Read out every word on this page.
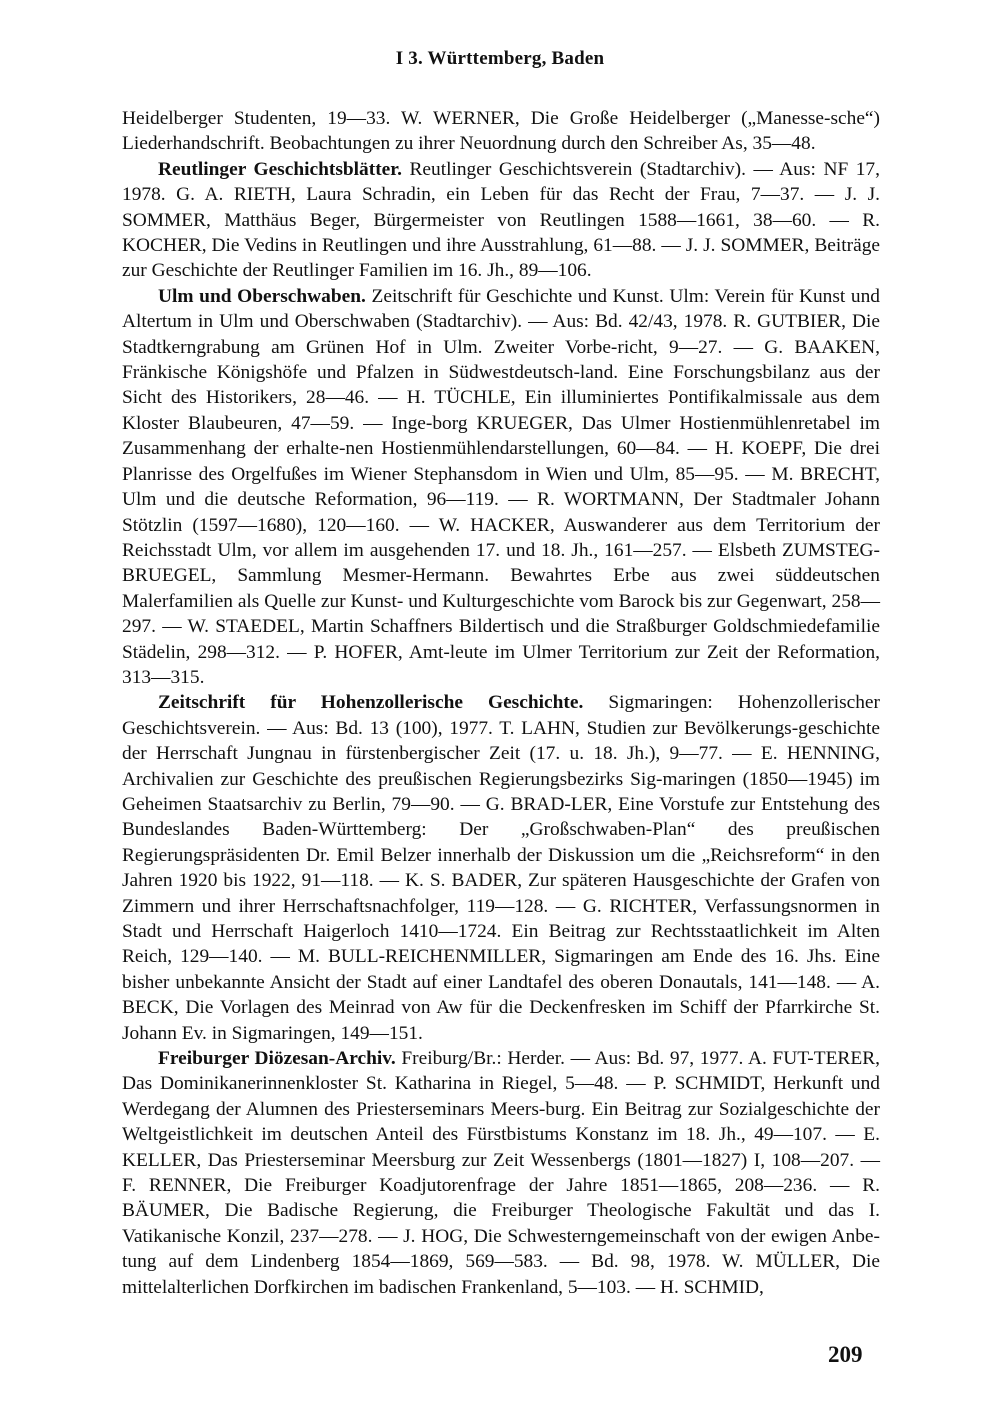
I 3. Württemberg, Baden

Heidelberger Studenten, 19—33. W. WERNER, Die Große Heidelberger („Manesse-sche“) Liederhandschrift. Beobachtungen zu ihrer Neuordnung durch den Schreiber As, 35—48.

Reutlinger Geschichtsblätter. Reutlinger Geschichtsverein (Stadtarchiv). — Aus: NF 17, 1978. G. A. RIETH, Laura Schradin, ein Leben für das Recht der Frau, 7—37. — J. J. SOMMER, Matthäus Beger, Bürgermeister von Reutlingen 1588—1661, 38—60. — R. KOCHER, Die Vedins in Reutlingen und ihre Ausstrahlung, 61—88. — J. J. SOMMER, Beiträge zur Geschichte der Reutlinger Familien im 16. Jh., 89—106.

Ulm und Oberschwaben. Zeitschrift für Geschichte und Kunst. Ulm: Verein für Kunst und Altertum in Ulm und Oberschwaben (Stadtarchiv). — Aus: Bd. 42/43, 1978. R. GUTBIER, Die Stadtkerngrabung am Grünen Hof in Ulm. Zweiter Vorbe-richt, 9—27. — G. BAAKEN, Fränkische Königshöfe und Pfalzen in Südwestdeutsch-land. Eine Forschungsbilanz aus der Sicht des Historikers, 28—46. — H. TÜCHLE, Ein illuminiertes Pontifikalmissale aus dem Kloster Blaubeuren, 47—59. — Inge-borg KRUEGER, Das Ulmer Hostienmühlenretabel im Zusammenhang der erhalte-nen Hostienmühlendarstellungen, 60—84. — H. KOEPF, Die drei Planrisse des Orgelfußes im Wiener Stephansdom in Wien und Ulm, 85—95. — M. BRECHT, Ulm und die deutsche Reformation, 96—119. — R. WORTMANN, Der Stadtmaler Johann Stötzlin (1597—1680), 120—160. — W. HACKER, Auswanderer aus dem Territorium der Reichsstadt Ulm, vor allem im ausgehenden 17. und 18. Jh., 161—257. — Elsbeth ZUMSTEG-BRUEGEL, Sammlung Mesmer-Hermann. Bewahrtes Erbe aus zwei süddeutschen Malerfamilien als Quelle zur Kunst- und Kulturgeschichte vom Barock bis zur Gegenwart, 258—297. — W. STAEDEL, Martin Schaffners Bildertisch und die Straßburger Goldschmiedefamilie Städelin, 298—312. — P. HOFER, Amt-leute im Ulmer Territorium zur Zeit der Reformation, 313—315.

Zeitschrift für Hohenzollerische Geschichte. Sigmaringen: Hohenzollerischer Geschichtsverein. — Aus: Bd. 13 (100), 1977. T. LAHN, Studien zur Bevölkerungs-geschichte der Herrschaft Jungnau in fürstenbergischer Zeit (17. u. 18. Jh.), 9—77. — E. HENNING, Archivalien zur Geschichte des preußischen Regierungsbezirks Sig-maringen (1850—1945) im Geheimen Staatsarchiv zu Berlin, 79—90. — G. BRAD-LER, Eine Vorstufe zur Entstehung des Bundeslandes Baden-Württemberg: Der „Großschwaben-Plan“ des preußischen Regierungspräsidenten Dr. Emil Belzer innerhalb der Diskussion um die „Reichsreform“ in den Jahren 1920 bis 1922, 91—118. — K. S. BADER, Zur späteren Hausgeschichte der Grafen von Zimmern und ihrer Herrschaftsnachfolger, 119—128. — G. RICHTER, Verfassungsnormen in Stadt und Herrschaft Haigerloch 1410—1724. Ein Beitrag zur Rechtsstaatlichkeit im Alten Reich, 129—140. — M. BULL-REICHENMILLER, Sigmaringen am Ende des 16. Jhs. Eine bisher unbekannte Ansicht der Stadt auf einer Landtafel des oberen Donautals, 141—148. — A. BECK, Die Vorlagen des Meinrad von Aw für die Deckenfresken im Schiff der Pfarrkirche St. Johann Ev. in Sigmaringen, 149—151.

Freiburger Diözesan-Archiv. Freiburg/Br.: Herder. — Aus: Bd. 97, 1977. A. FUT-TERER, Das Dominikanerinnenkloster St. Katharina in Riegel, 5—48. — P. SCHMIDT, Herkunft und Werdegang der Alumnen des Priesterseminars Meers-burg. Ein Beitrag zur Sozialgeschichte der Weltgeistlichkeit im deutschen Anteil des Fürstbistums Konstanz im 18. Jh., 49—107. — E. KELLER, Das Priesterseminar Meersburg zur Zeit Wessenbergs (1801—1827) I, 108—207. — F. RENNER, Die Freiburger Koadjutorenfrage der Jahre 1851—1865, 208—236. — R. BÄUMER, Die Badische Regierung, die Freiburger Theologische Fakultät und das I. Vatikanische Konzil, 237—278. — J. HOG, Die Schwesterngemeinschaft von der ewigen Anbe-tung auf dem Lindenberg 1854—1869, 569—583. — Bd. 98, 1978. W. MÜLLER, Die mittelalterlichen Dorfkirchen im badischen Frankenland, 5—103. — H. SCHMID,

209
